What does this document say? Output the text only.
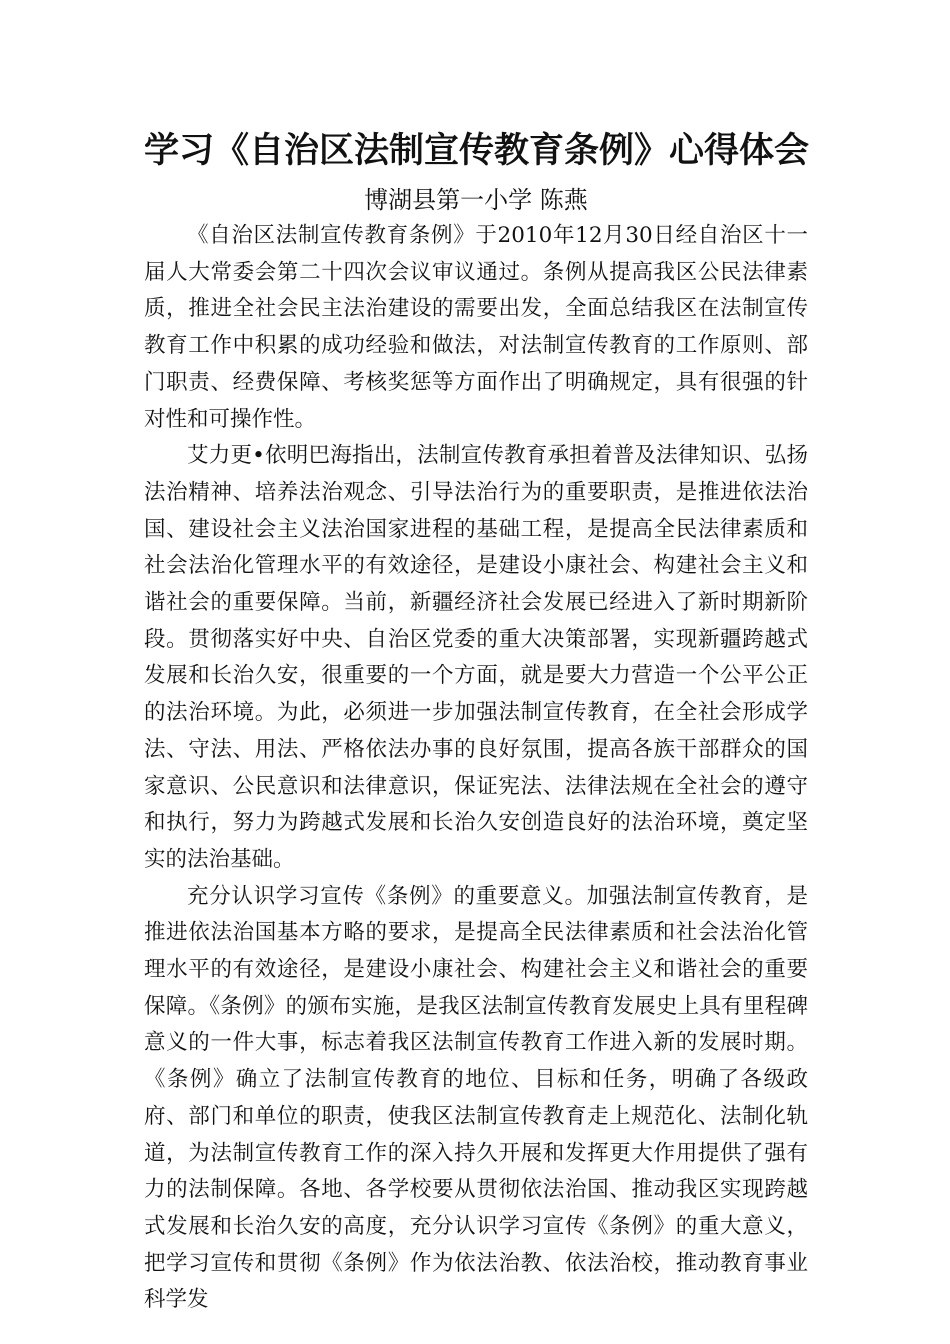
学习《自治区法制宣传教育条例》心得体会

博湖县第一小学 陈燕

《自治区法制宣传教育条例》于2010年12月30日经自治区十一届人大常委会第二十四次会议审议通过。条例从提高我区公民法律素质，推进全社会民主法治建设的需要出发，全面总结我区在法制宣传教育工作中积累的成功经验和做法，对法制宣传教育的工作原则、部门职责、经费保障、考核奖惩等方面作出了明确规定，具有很强的针对性和可操作性。

艾力更•依明巴海指出，法制宣传教育承担着普及法律知识、弘扬法治精神、培养法治观念、引导法治行为的重要职责，是推进依法治国、建设社会主义法治国家进程的基础工程，是提高全民法律素质和社会法治化管理水平的有效途径，是建设小康社会、构建社会主义和谐社会的重要保障。当前，新疆经济社会发展已经进入了新时期新阶段。贯彻落实好中央、自治区党委的重大决策部署，实现新疆跨越式发展和长治久安，很重要的一个方面，就是要大力营造一个公平公正的法治环境。为此，必须进一步加强法制宣传教育，在全社会形成学法、守法、用法、严格依法办事的良好氛围，提高各族干部群众的国家意识、公民意识和法律意识，保证宪法、法律法规在全社会的遵守和执行，努力为跨越式发展和长治久安创造良好的法治环境，奠定坚实的法治基础。

充分认识学习宣传《条例》的重要意义。加强法制宣传教育，是推进依法治国基本方略的要求，是提高全民法律素质和社会法治化管理水平的有效途径，是建设小康社会、构建社会主义和谐社会的重要保障。《条例》的颁布实施，是我区法制宣传教育发展史上具有里程碑意义的一件大事，标志着我区法制宣传教育工作进入新的发展时期。《条例》确立了法制宣传教育的地位、目标和任务，明确了各级政府、部门和单位的职责，使我区法制宣传教育走上规范化、法制化轨道，为法制宣传教育工作的深入持久开展和发挥更大作用提供了强有力的法制保障。各地、各学校要从贯彻依法治国、推动我区实现跨越式发展和长治久安的高度，充分认识学习宣传《条例》的重大意义，把学习宣传和贯彻《条例》作为依法治教、依法治校，推动教育事业科学发
